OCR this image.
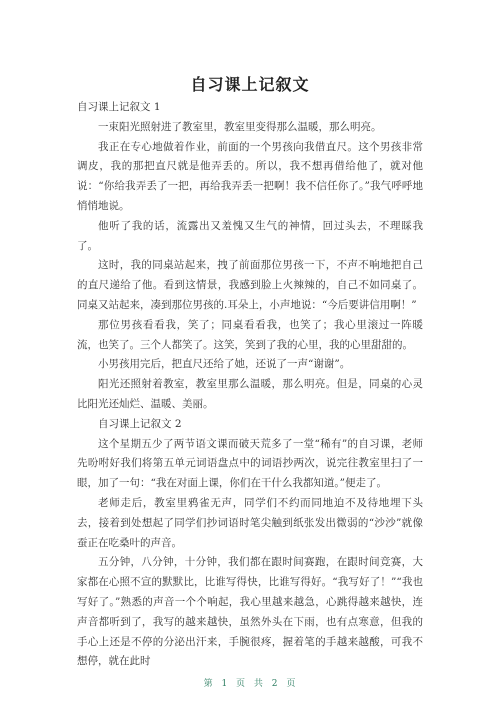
自习课上记叙文

自习课上记叙文 1

一束阳光照射进了教室里，教室里变得那么温暖，那么明亮。

我正在专心地做着作业，前面的一个男孩向我借直尺。这个男孩非常调皮，我的那把直尺就是他弄丢的。所以，我不想再借给他了，就对他说：“你给我弄丢了一把，再给我弄丢一把啊！我不信任你了。”我气呼呼地悄悄地说。

他听了我的话，流露出又羞愧又生气的神情，回过头去，不理睬我了。

这时，我的同桌站起来，拽了前面那位男孩一下，不声不响地把自己的直尺递给了他。看到这情景，我感到脸上火辣辣的，自己不如同桌了。同桌又站起来，凑到那位男孩的.耳朵上，小声地说：“今后要讲信用啊！”

那位男孩看看我，笑了；同桌看看我，也笑了；我心里滚过一阵暖流，也笑了。三个人都笑了。这笑，笑到了我的心里，我的心里甜甜的。

小男孩用完后，把直尺还给了她，还说了一声“谢谢”。

阳光还照射着教室，教室里那么温暖，那么明亮。但是，同桌的心灵比阳光还灿烂、温暖、美丽。

自习课上记叙文 2

这个星期五少了两节语文课而破天荒多了一堂“稀有”的自习课，老师先吩咐好我们将第五单元词语盘点中的词语抄两次，说完往教室里扫了一眼，加了一句：“我在对面上课，你们在干什么我都知道。”便走了。

老师走后，教室里鸦雀无声，同学们不约而同地迫不及待地埋下头去，接着到处想起了同学们抄词语时笔尖触到纸张发出微弱的“沙沙”就像蚕正在吃桑叶的声音。

五分钟，八分钟，十分钟，我们都在跟时间赛跑，在跟时间竞赛，大家都在心照不宣的默默比，比谁写得快，比谁写得好。“我写好了！”“我也写好了。”熟悉的声音一个个响起，我心里越来越急，心跳得越来越快，连声音都听到了，我写的越来越快，虽然外头在下雨，也有点寒意，但我的手心上还是不停的分泌出汗来，手腕很疼，握着笔的手越来越酸，可我不想停，就在此时

第 1 页 共 2 页
